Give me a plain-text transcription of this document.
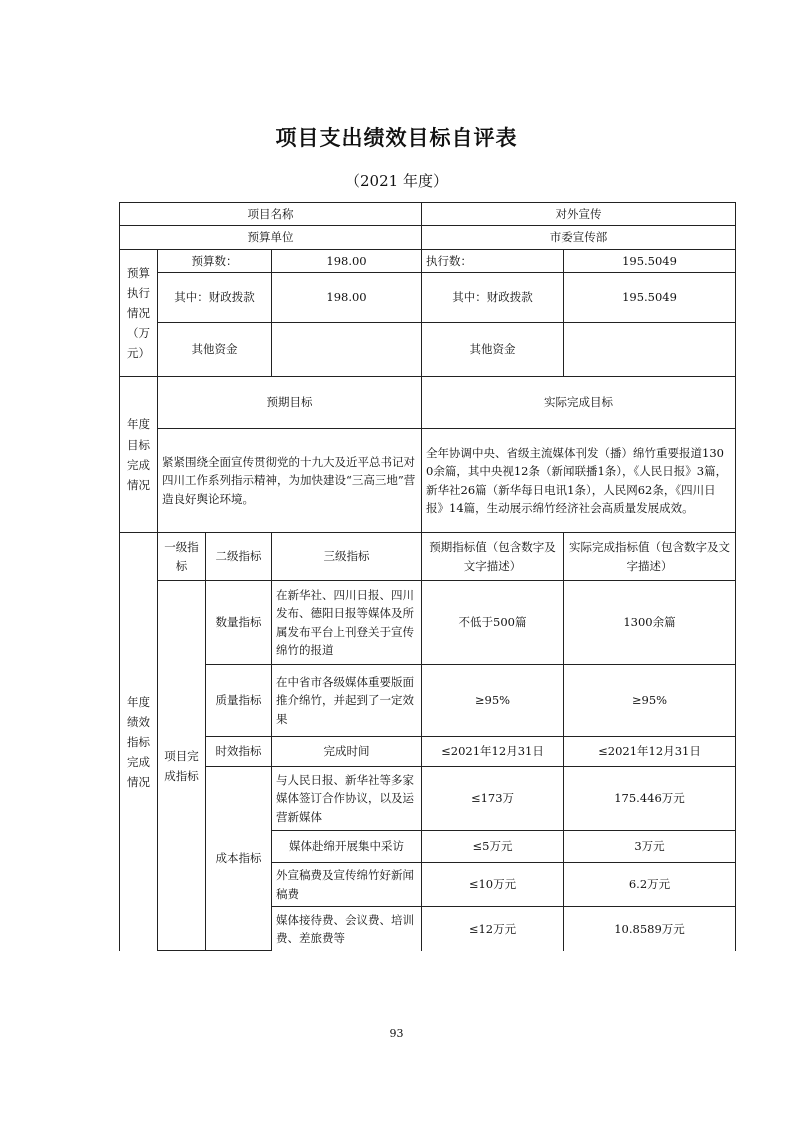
项目支出绩效目标自评表
（2021 年度）
项目名称				对外宣传	
预算单位				市委宣传部	
预算执行情况（万元）	预算数：		198.00	执行数：	195.5049
	其中：财政拨款		198.00	其中：财政拨款	195.5049
	其他资金			其他资金	
年度目标完成情况	预期目标			实际完成目标	
	紧紧围绕全面宣传贯彻党的十九大及近平总书记对四川工作系列指示精神，为加快建设“三高三地”营造良好舆论环境。			全年协调中央、省级主流媒体刊发（播）绵竹重要报道1300余篇，其中央视12条（新闻联播1条），《人民日报》3篇，新华社26篇（新华每日电讯1条），人民网62条，《四川日报》14篇，生动展示绵竹经济社会高质量发展成效。	
年度绩效指标完成情况	一级指标	二级指标	三级指标	预期指标值（包含数字及文字描述）	实际完成指标值（包含数字及文字描述）
	项目完成指标	数量指标	在新华社、四川日报、四川发布、德阳日报等媒体及所属发布平台上刊登关于宣传绵竹的报道	不低于500篇	1300余篇
		质量指标	在中省市各级媒体重要版面推介绵竹，并起到了一定效果	≥95%	≥95%
		时效指标	完成时间	≤2021年12月31日	≤2021年12月31日
		成本指标	与人民日报、新华社等多家媒体签订合作协议，以及运营新媒体	≤173万	175.446万元
			媒体赴绵开展集中采访	≤5万元	3万元
			外宣稿费及宣传绵竹好新闻稿费	≤10万元	6.2万元
			媒体接待费、会议费、培训费、差旅费等	≤12万元	10.8589万元
93
